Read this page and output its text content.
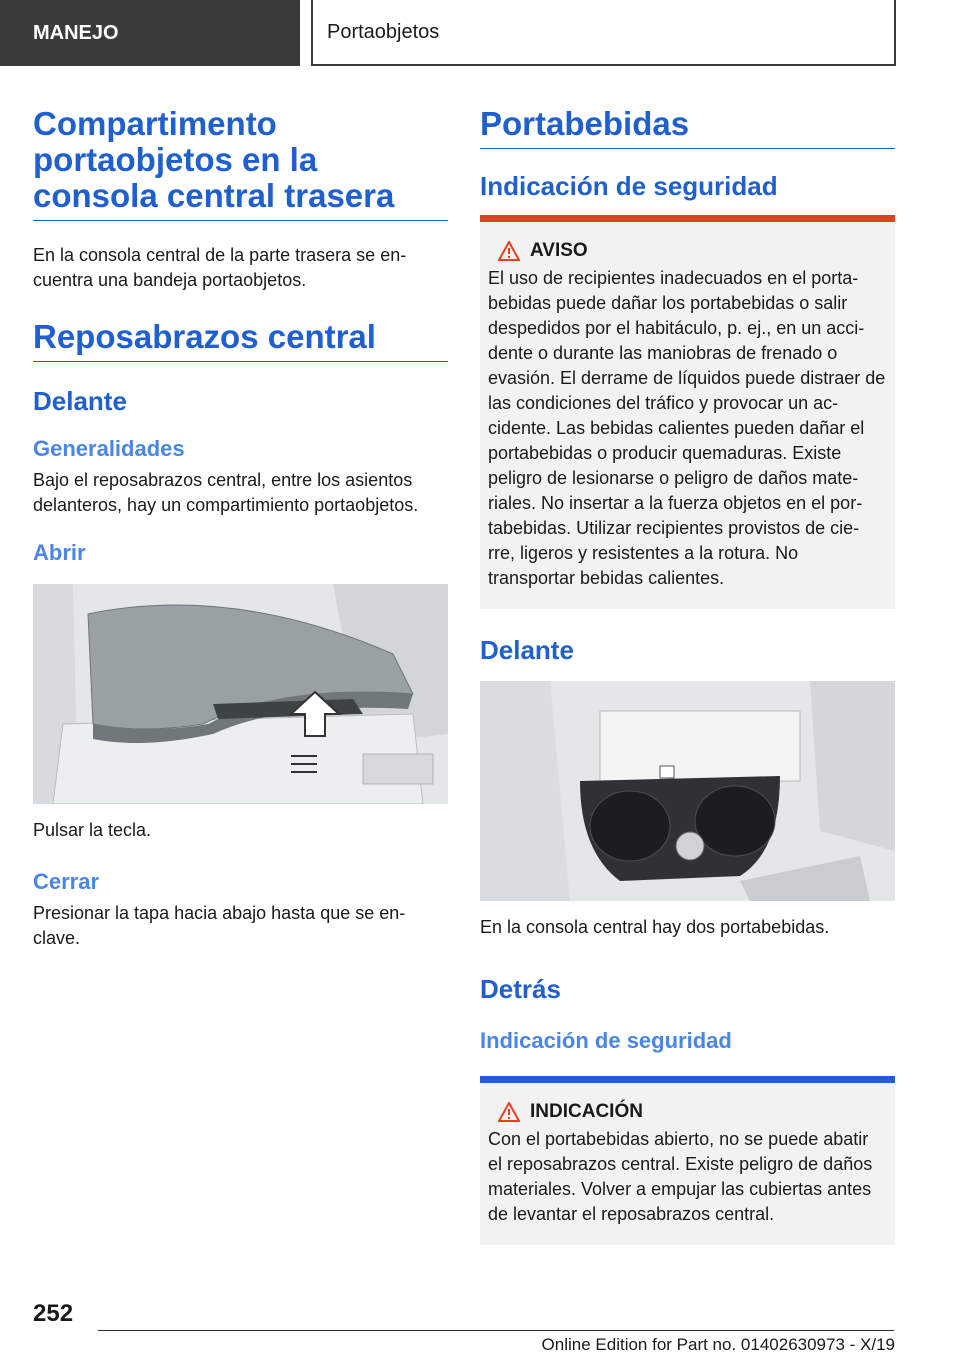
MANEJO	Portaobjetos
Compartimento portaobjetos en la consola central trasera

En la consola central de la parte trasera se en- cuentra una bandeja portaobjetos.

Reposabrazos central
Delante
Generalidades

Bajo el reposabrazos central, entre los asientos delanteros, hay un compartimiento portaobjetos.

Abrir

Pulsar la tecla.

Cerrar

Presionar la tapa hacia abajo hasta que se en- clave.

Portabebidas
Indicación de seguridad
AVISO

El uso de recipientes inadecuados en el porta- bebidas puede dañar los portabebidas o salir despedidos por el habitáculo, p. ej., en un acci- dente o durante las maniobras de frenado o evasión. El derrame de líquidos puede distraer de las condiciones del tráfico y provocar un ac- cidente. Las bebidas calientes pueden dañar el portabebidas o producir quemaduras. Existe peligro de lesionarse o peligro de daños mate- riales. No insertar a la fuerza objetos en el por- tabebidas. Utilizar recipientes provistos de cie- rre, ligeros y resistentes a la rotura. No transportar bebidas calientes.

Delante

En la consola central hay dos portabebidas.

Detrás
Indicación de seguridad
INDICACIÓN

Con el portabebidas abierto, no se puede abatir el reposabrazos central. Existe peligro de daños materiales. Volver a empujar las cubiertas antes de levantar el reposabrazos central.

252
Online Edition for Part no. 01402630973 - X/19
